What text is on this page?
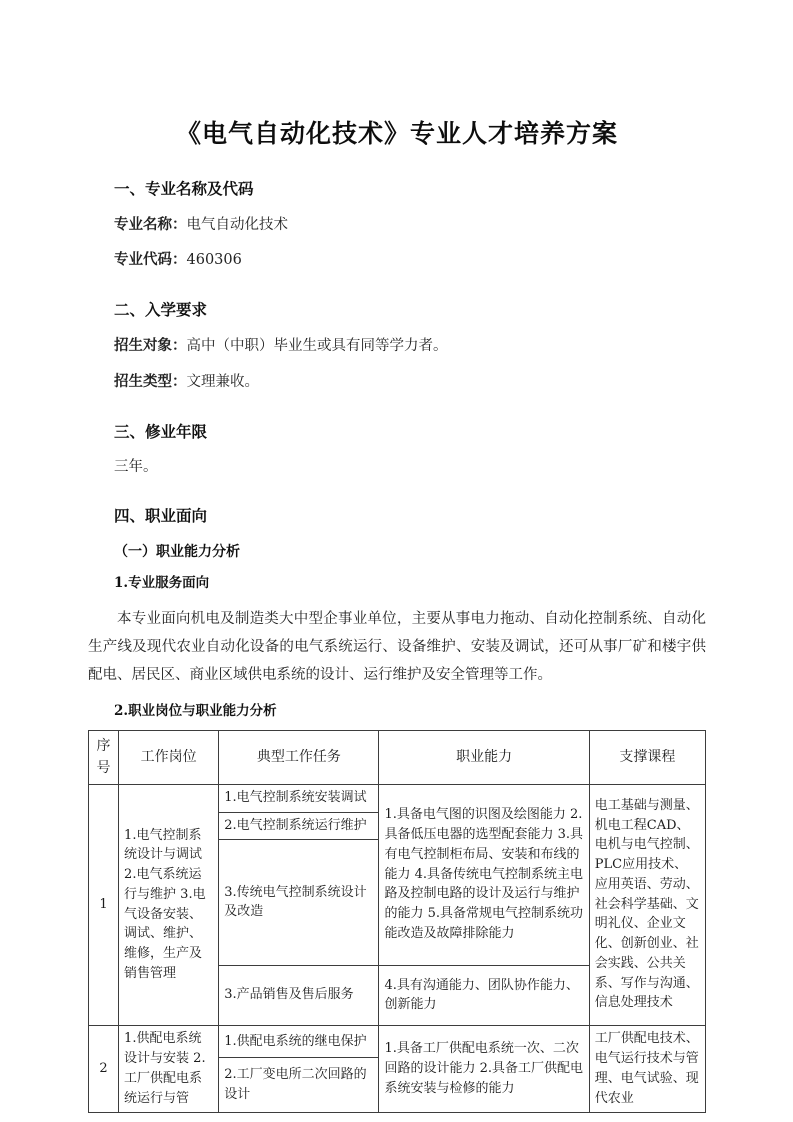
《电气自动化技术》专业人才培养方案
一、专业名称及代码
专业名称：电气自动化技术
专业代码：460306
二、入学要求
招生对象：高中（中职）毕业生或具有同等学力者。
招生类型：文理兼收。
三、修业年限
三年。
四、职业面向
（一）职业能力分析
1.专业服务面向
本专业面向机电及制造类大中型企事业单位，主要从事电力拖动、自动化控制系统、自动化生产线及现代农业自动化设备的电气系统运行、设备维护、安装及调试，还可从事厂矿和楼宇供配电、居民区、商业区域供电系统的设计、运行维护及安全管理等工作。
2.职业岗位与职业能力分析
序号	工作岗位	典型工作任务	职业能力	支撑课程
1	1.电气控制系统设计与调试 2.电气系统运行与维护 3.电气设备安装、调试、维护、维修，生产及销售管理	1.电气控制系统安装调试	1.具备电气图的识图及绘图能力 2.具备低压电器的选型配套能力 3.具有电气控制柜布局、安装和布线的能力 4.具备传统电气控制系统主电路及控制电路的设计及运行与维护的能力 5.具备常规电气控制系统功能改造及故障排除能力	电工基础与测量、机电工程CAD、电机与电气控制、PLC应用技术、应用英语、劳动、社会科学基础、文明礼仪、企业文化、创新创业、社会实践、公共关系、写作与沟通、信息处理技术
		2.电气控制系统运行维护		
		3.传统电气控制系统设计及改造		
		3.产品销售及售后服务	4.具有沟通能力、团队协作能力、创新能力	
2	1.供配电系统设计与安装 2.工厂供配电系统运行与管	1.供配电系统的继电保护	1.具备工厂供配电系统一次、二次回路的设计能力 2.具备工厂供配电系统安装与检修的能力	工厂供配电技术、电气运行技术与管理、电气试验、现代农业
		2.工厂变电所二次回路的设计		
